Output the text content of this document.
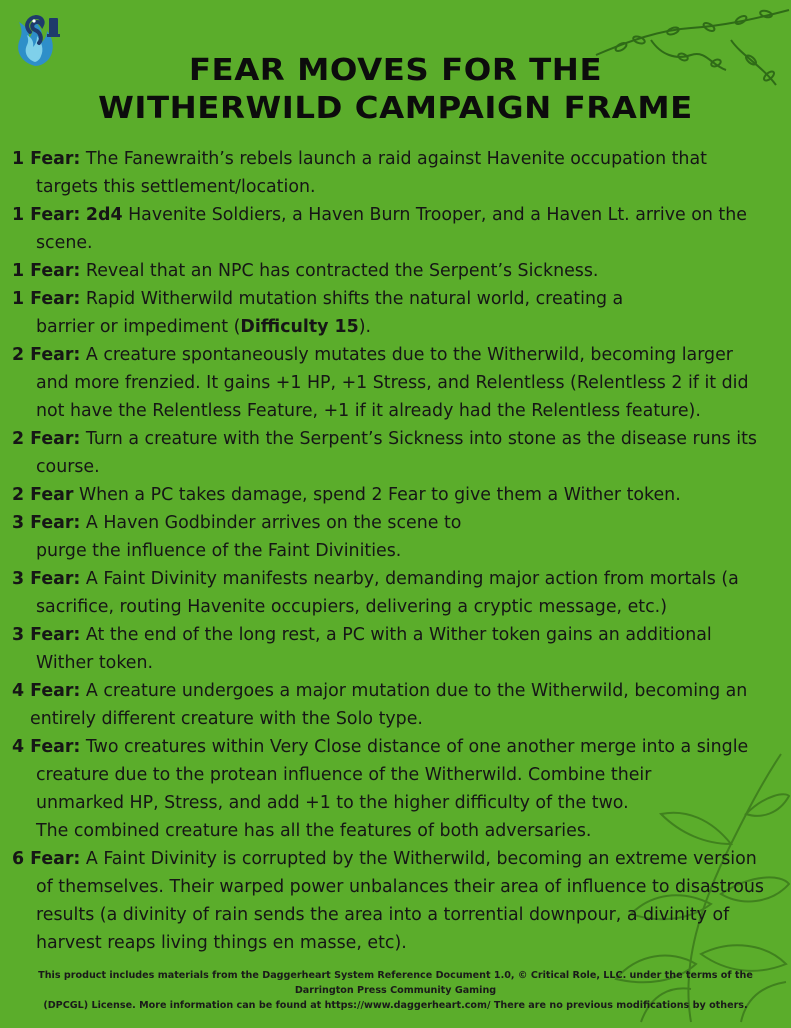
FEAR MOVES FOR THE
WITHERWILD CAMPAIGN FRAME
1 Fear: The Fanewraith’s rebels launch a raid against Havenite occupation that
targets this settlement/location.
1 Fear: 2d4 Havenite Soldiers, a Haven Burn Trooper, and a Haven Lt. arrive on the
scene.
1 Fear: Reveal that an NPC has contracted the Serpent’s Sickness.
1 Fear: Rapid Witherwild mutation shifts the natural world, creating a
barrier or impediment (Difficulty 15).
2 Fear: A creature spontaneously mutates due to the Witherwild, becoming larger
and more frenzied. It gains +1 HP, +1 Stress, and Relentless (Relentless 2 if it did
not have the Relentless Feature, +1 if it already had the Relentless feature).
2 Fear: Turn a creature with the Serpent’s Sickness into stone as the disease runs its
course.
2 Fear When a PC takes damage, spend 2 Fear to give them a Wither token.
3 Fear: A Haven Godbinder arrives on the scene to
purge the influence of the Faint Divinities.
3 Fear: A Faint Divinity manifests nearby, demanding major action from mortals (a
sacrifice, routing Havenite occupiers, delivering a cryptic message, etc.)
3 Fear: At the end of the long rest, a PC with a Wither token gains an additional
Wither token.
4 Fear: A creature undergoes a major mutation due to the Witherwild, becoming an
entirely different creature with the Solo type.
4 Fear: Two creatures within Very Close distance of one another merge into a single
creature due to the protean influence of the Witherwild. Combine their
unmarked HP, Stress, and add +1 to the higher difficulty of the two.
The combined creature has all the features of both adversaries.
6 Fear: A Faint Divinity is corrupted by the Witherwild, becoming an extreme version
of themselves. Their warped power unbalances their area of influence to disastrous
results (a divinity of rain sends the area into a torrential downpour, a divinity of
harvest reaps living things en masse, etc).

This product includes materials from the Daggerheart System Reference Document 1.0, © Critical Role, LLC. under the terms of the Darrington Press Community Gaming
(DPCGL) License. More information can be found at https://www.daggerheart.com/ There are no previous modifications by others.
